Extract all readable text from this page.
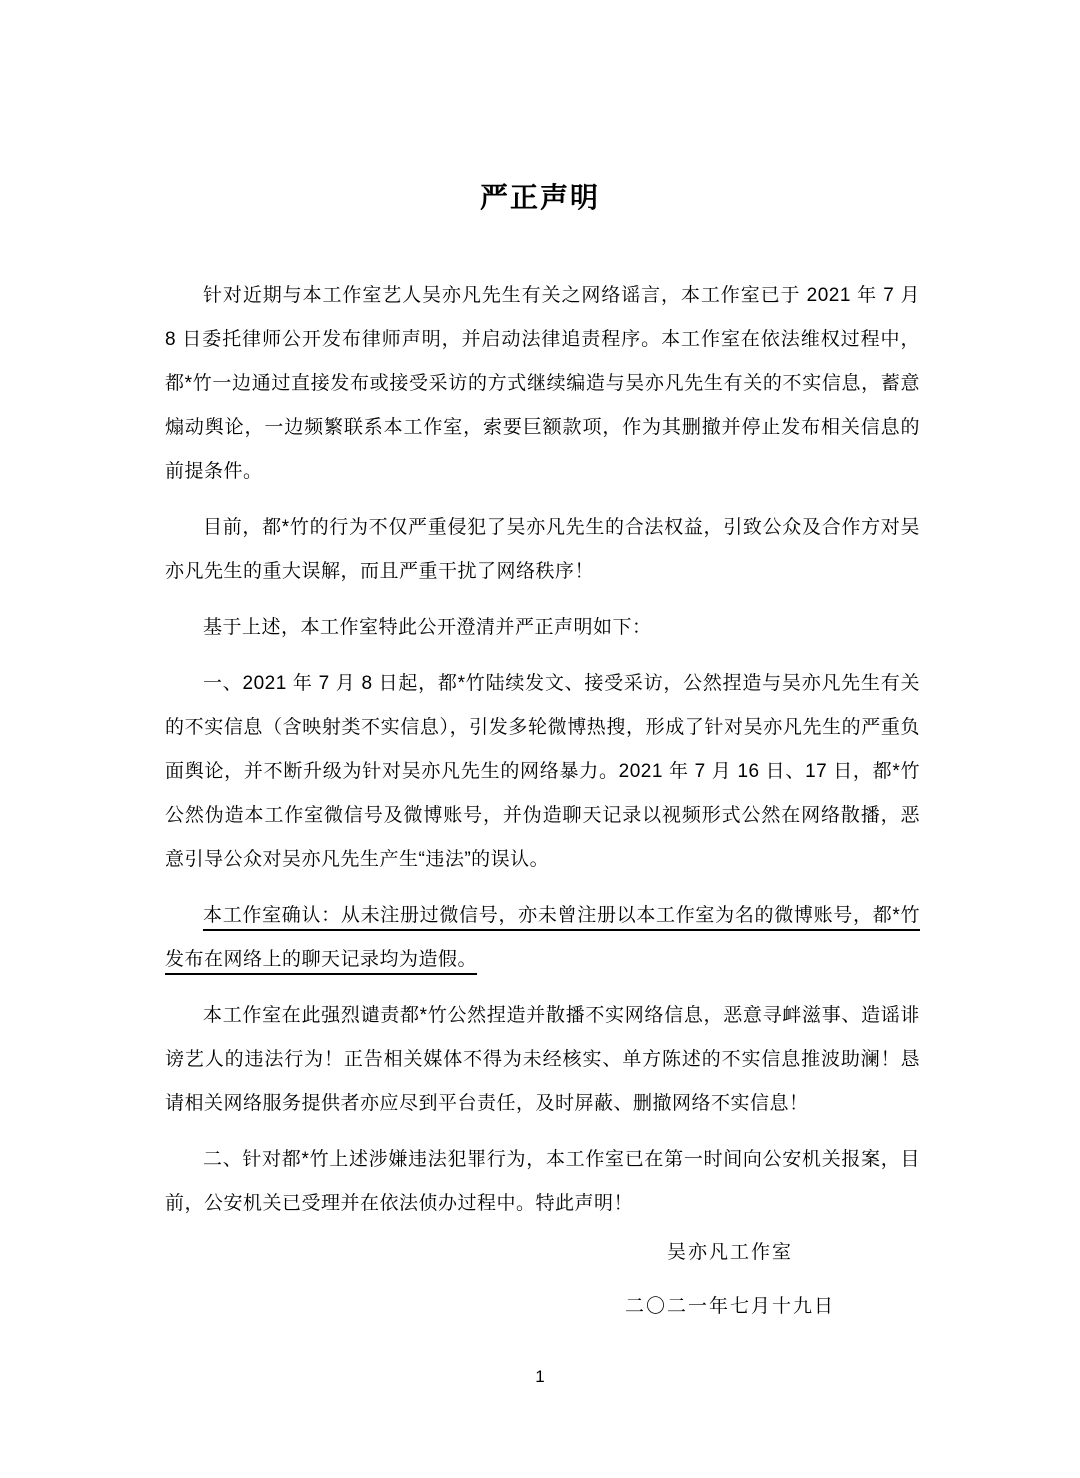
严正声明

针对近期与本工作室艺人吴亦凡先生有关之网络谣言，本工作室已于 2021 年 7 月 8 日委托律师公开发布律师声明，并启动法律追责程序。本工作室在依法维权过程中，都*竹一边通过直接发布或接受采访的方式继续编造与吴亦凡先生有关的不实信息，蓄意煽动舆论，一边频繁联系本工作室，索要巨额款项，作为其删撤并停止发布相关信息的前提条件。

目前，都*竹的行为不仅严重侵犯了吴亦凡先生的合法权益，引致公众及合作方对吴亦凡先生的重大误解，而且严重干扰了网络秩序！

基于上述，本工作室特此公开澄清并严正声明如下：

一、2021 年 7 月 8 日起，都*竹陆续发文、接受采访，公然捏造与吴亦凡先生有关的不实信息（含映射类不实信息），引发多轮微博热搜，形成了针对吴亦凡先生的严重负面舆论，并不断升级为针对吴亦凡先生的网络暴力。2021 年 7 月 16 日、17 日，都*竹公然伪造本工作室微信号及微博账号，并伪造聊天记录以视频形式公然在网络散播，恶意引导公众对吴亦凡先生产生“违法”的误认。

本工作室确认：从未注册过微信号，亦未曾注册以本工作室为名的微博账号，都*竹发布在网络上的聊天记录均为造假。

本工作室在此强烈谴责都*竹公然捏造并散播不实网络信息，恶意寻衅滋事、造谣诽谤艺人的违法行为！正告相关媒体不得为未经核实、单方陈述的不实信息推波助澜！恳请相关网络服务提供者亦应尽到平台责任，及时屏蔽、删撤网络不实信息！

二、针对都*竹上述涉嫌违法犯罪行为，本工作室已在第一时间向公安机关报案，目前，公安机关已受理并在依法侦办过程中。特此声明！

吴亦凡工作室
二〇二一年七月十九日
1
